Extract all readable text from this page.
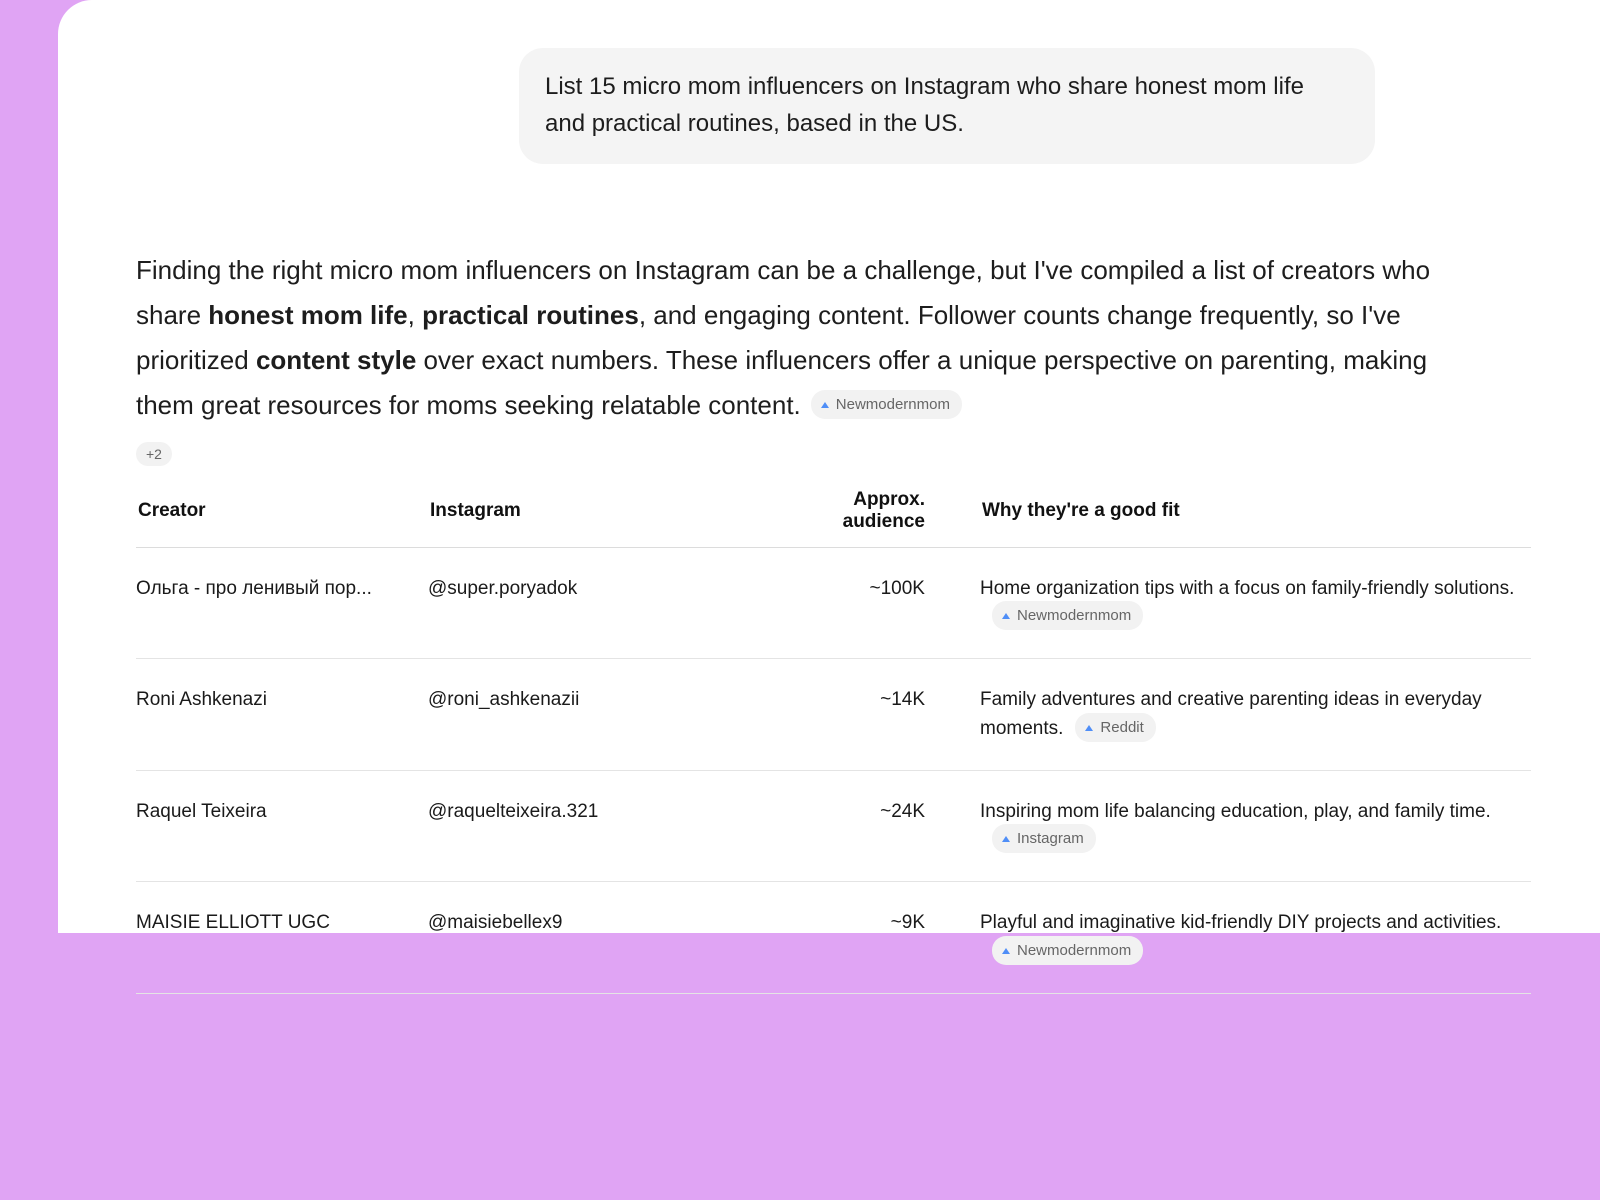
List 15 micro mom influencers on Instagram who share honest mom life and practical routines, based in the US.
Finding the right micro mom influencers on Instagram can be a challenge, but I've compiled a list of creators who share honest mom life, practical routines, and engaging content. Follower counts change frequently, so I've prioritized content style over exact numbers. These influencers offer a unique perspective on parenting, making them great resources for moms seeking relatable content. Newmodernmom
+2
Creator	Instagram	Approx. audience	Why they're a good fit
Ольга - про ленивый пор...	@super.poryadok	~100K	Home organization tips with a focus on family-friendly solutions.
Newmodernmom

Roni Ashkenazi	@roni_ashkenazii	~14K	Family adventures and creative parenting ideas in everyday moments. Reddit

Raquel Teixeira	@raquelteixeira.321	~24K	Inspiring mom life balancing education, play, and family time.
Instagram

MAISIE ELLIOTT UGC	@maisiebellex9	~9K	Playful and imaginative kid-friendly DIY projects and activities.
Newmodernmom
